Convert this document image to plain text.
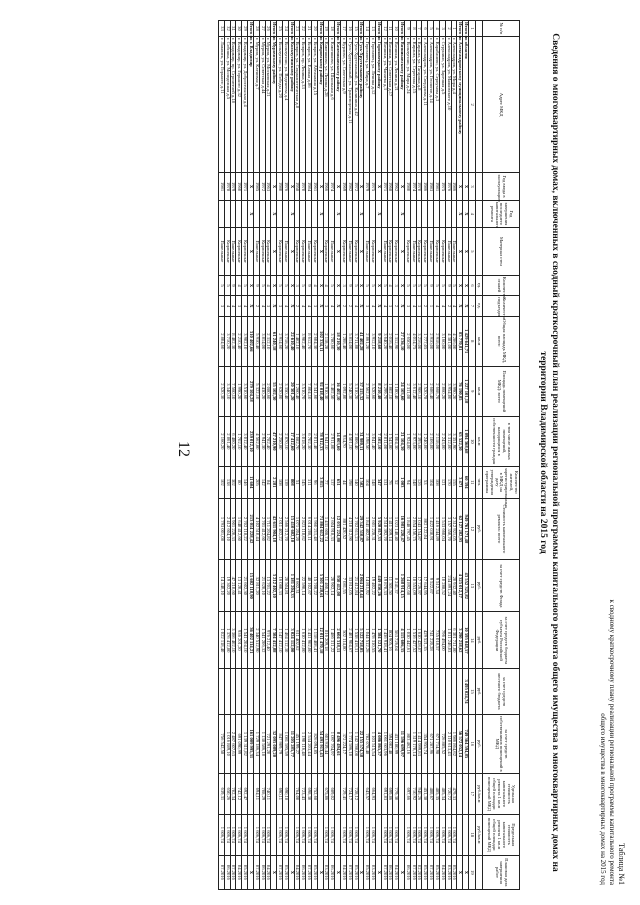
12
Таблица №1
к сводному краткосрочному плану реализации региональной программы капитального ремонта общего имущества в многоквартирных домах на 2015 год
Сведения о многоквартирных домах, включенных в сводный краткосрочный план реализации региональной программы капитального ремонта общего имущества в многоквартирных домах на территории Владимирской области на 2015 год
№ п/п	Адрес МКД	Год ввода в эксплуатацию	Год завершения последнего капитального ремонта	Материал стен	Количество этажей	Количество подъездов	Общая площадь МКД, всего	Площадь помещений МКД: всего	в том числе жилых помещений, находящихся в собственности граждан	Количество жителей, зарегистрированных в МКД на дату утверждения программы	Стоимость капитального ремонта: всего	за счет средств Фонда	за счет средств бюджета субъекта Российской Федерации	за счет средств местного бюджета	за счет средств собственников помещений в МКД	Удельная стоимость капитального ремонта 1 кв.м общей площади помещений МКД	Предельная стоимость капитального ремонта 1 кв.м общей площади помещений МКД	Плановая дата завершения работ
					ед.	ед.	кв.м	кв.м	кв.м	чел.	руб.	руб.	руб.	руб.	руб.	руб./кв.м	руб./кв.м	
1	2	3	4	5	6	7	8	9	10	11	12	13	14	15	16	17	18	19
Итого по области:		X	X	X	X	X	1 429 641,71	1 227 101,18	1 094 368,68	60 394	949 761 171,48	43 552 325,82	10 595 048,57	3 495 024,74	749 364 594,85			X
Итого по Александровскому муниципальному району		X	X	X	X	X	83 770,81	76 190,85	63 522,30	3 471	62 127 282,93	4 325 012,17	3 290 218,62		56 572 052,14			X
1	г. Александров, ул. Мира д.4	1986		Панельные	5	4	4 286,00	3 990,20	3 351,90	155	2 312 921,05	20 932,40	6 301 731,80		1 986 864,62	479,33	1 606,74	05.2016
2	г. Александров, ул. Маяковского д.10	1976		Панельные	9	2	4 381,00	3 954,00	3 312,00	170	3 157 350,70	234 891,24	1 811 246,03		2 110 613,43	720,72	1 606,74	03.2016
3	г. Струнино, ул. Заречная д.5	1975		Кирпичные	5	4	3 160,00	2 860,20	2 243,00	121	1 533 668,04	10 288,52	796 494,00		726 885,52	485,34	1 606,74	04.2016
4	г. Карабаново, ул. Серпухова д.3	1981		Кирпичные	5	4	2 918,00	2 668,70	2 118,00	108	1 416 244,89	9 512,34	735 018,57		671 714,98	485,35	1 606,74	05.2016
5	г. Александров, ул. Геологов д.14	1983		Панельные	9	1	2 910,00	2 686,40	2 106,00	104	1 422 030,91	9 522,67	741 220,28		671 287,96	488,67	1 606,74	07.2016
6	г. Александров, ул. Свердлова д.11	1986		Кирпичные	5	2	1 777,05	1 520,78	1 240,00	53	802 122,04	17 644,95	429 521,35		354 955,74	451,38	1 606,74	05.2016
7	г. Киржач, ул. Гагарина д.8	1970		Кирпичные	5	3	3 216,00	2 906,10	2 395,00	126	3 043 154,87	17 726,97	1 610 428,07		1 414 999,83	946,26	1 606,74	02.2016
8	г. Киржач, ул. Серегина д.15	1974		Панельные	5	4	4 014,75	3 612,40	2 973,00	148	2 854 150,75	18 553,09	1 516 427,52		1 319 170,14	710,92	1 606,74	07.2016
9	г. Кольчугино, ул. Мира д.24	1980		Кирпичные	5	3	2 650,00	2 311,00	1 924,00	94	1 848 797,45	14 892,68	1 030 442,61		803 462,16	697,66	1 606,74	06.2016
Итого по Вязниковскому району		X	X	X	X	X	27 136,10	24 103,60	21 104,30	1 003	16 981 220,47	1 268 914,15	4 115 606,35		11 596 699,97			X
10	г. Вязники, ул. Ленина д.21	1962		Кирпичные	3	2	1 312,90	1 180,40	1 004,30	52	1 023 148,40	8 241,37	583 726,04		431 180,99	779,30	1 606,74	04.2016
11	г. Вязники, ул. Советская д.17	1968		Кирпичные	4	3	2 016,40	1 802,10	1 543,80	76	1 411 209,14	11 301,50	804 905,16		594 002,48	699,86	1 606,74	06.2016
12	г. Вязники, ул. Чапаева д.3	1971		Панельные	5	4	3 640,20	3 299,70	2 811,00	131	2 518 392,70	19 870,33	1 436 918,41		1 061 603,96	691,83	1 606,74	07.2016
Итого по Гороховецкому району		X	X	X	X	X	9 218,60	8 210,40	7 102,10	347	5 920 817,33	449 830,26	1 384 121,70		4 086 865,37			X
13	г. Гороховец, ул. Ленина д.12	1975		Кирпичные	5	4	3 912,10	3 520,60	3 041,40	148	2 601 228,31	19 402,22	1 478 310,55		1 103 515,54	664,93	1 606,74	03.2016
14	г. Гороховец, ул. Мира д.7	1979		Панельные	5	3	2 861,20	2 562,10	2 198,50	104	1 841 402,66	14 811,92	1 044 512,26		782 078,48	643,57	1 606,74	05.2016
Итого по Гусь-Хрустальному району		X	X	X	X	X	41 402,28	37 115,32	31 980,11	1 502	29 342 510,87	2 064 218,44	5 122 718,05		22 155 574,38			X
15	г. Гусь-Хрустальный, ул. Калинина д.42	1972		Кирпичные	5	4	3 711,80	3 310,20	2 806,40	140	2 702 611,23	21 412,84	1 538 418,31		1 142 780,08	728,12	1 606,74	05.2016
16	г. Гусь-Хрустальный, ул. Транспортная д.11	1982		Панельные	9	2	5 814,00	5 240,30	4 501,10	198	4 210 312,90	33 812,05	2 401 904,67		1 774 596,18	724,17	1 606,74	07.2016
17	г. Курлово, ул. Советская д.9	1969		Кирпичные	3	2	1 208,40	1 092,80	934,70	44	881 420,52	7 081,55	502 114,80		372 224,17	729,41	1 606,74	04.2016
Итого по Камешковскому району		X	X	X	X	X	18 210,30	16 402,10	14 003,60	651	12 031 224,80	930 412,08	2 604 318,11		8 496 494,61			X
18	г. Камешково, ул. Школьная д.6	1974		Панельные	5	4	3 780,60	3 402,50	2 911,80	137	2 604 918,33	20 902,14	1 486 311,22		1 097 704,97	689,02	1 606,74	06.2016
19	г. Камешково, ул. Ленина д.28	1966		Кирпичные	4	3	2 118,20	1 910,30	1 641,10	77	1 431 608,74	11 460,12	816 209,18		603 939,44	675,86	1 606,74	03.2016
Итого по Ковровскому району		X	X	X	X	X	102 334,11	92 018,40	78 912,33	3 815	71 804 612,22	5 301 228,61	12 011 470,18		54 491 913,43			X
20	г. Ковров, ул. Абельмана д.15	1961		Кирпичные	4	3	2 604,30	2 341,60	2 011,40	96	1 960 211,48	15 708,22	1 118 408,41		826 094,85	752,68	1 606,74	05.2016
21	г. Ковров, ул. Еловая д.86	1984		Панельные	9	4	8 612,70	7 804,10	6 702,30	311	6 014 208,11	48 102,67	3 431 902,00		2 534 203,44	698,30	1 606,74	07.2016
22	г. Ковров, пр. Ленина д.33	1970		Кирпичные	5	4	3 902,40	3 510,70	3 018,20	145	2 823 118,62	22 590,14	1 610 412,00		1 190 116,48	723,43	1 606,74	06.2016
23	г. Ковров, ул. Социалистическая д.8	1958		Кирпичные	3	2	1 402,10	1 260,40	1 082,70	51	1 071 204,20	8 602,31	611 402,62		451 199,27	764,00	1 606,74	04.2016
Итого по Кольчугинскому району		X	X	X	X	X	22 610,40	20 301,20	17 412,60	808	15 410 602,10	1 181 204,33	3 024 112,00		11 205 285,77			X
24	г. Кольчугино, ул. Веденеева д.4	1976		Панельные	5	4	3 718,20	3 350,40	2 870,10	139	2 566 212,70	20 504,81	1 464 112,30		1 081 595,59	690,18	1 606,74	05.2016
25	г. Кольчугино, ул. Победы д.20	1980		Кирпичные	5	3	2 914,60	2 620,00	2 250,80	108	2 011 402,22	16 080,33	1 147 412,10		847 909,79	690,11	1 606,74	07.2016
Итого по Муромскому району		X	X	X	X	X	61 240,18	55 102,30	47 210,90	2 281	42 611 904,18	3 212 402,10	7 304 412,88		32 095 089,20			X
26	г. Муром, ул. Московская д.21	1963		Кирпичные	4	3	2 312,10	2 080,60	1 782,40	84	1 711 204,82	13 701,22	976 212,40		721 291,20	740,11	1 606,74	04.2016
27	г. Муром, ул. Советская д.44	1972		Кирпичные	5	4	3 814,00	3 430,20	2 941,30	142	2 701 412,60	21 620,10	1 541 206,32		1 138 586,18	708,29	1 606,74	06.2016
28	г. Муром, ул. Кленовая д.7	1985		Панельные	9	2	5 910,40	5 322,10	4 562,80	205	4 102 510,44	32 811,20	2 340 512,90		1 729 186,34	694,11	1 606,74	07.2016
Итого по г. Владимир		X	X	X	X	X	310 402,66	279 104,28	239 012,10	11 604	213 014 228,42	15 602 118,90	36 402 114,21		161 009 995,31			X
29	г. Владимир, ул. Добросельская д.4	1971		Кирпичные	5	4	3 902,10	3 510,60	3 012,40	146	2 702 118,22	21 602,30	1 541 204,10		1 139 311,82	692,47	1 606,74	05.2016
30	г. Владимир, ул. Горького д.32	1960		Кирпичные	4	3	2 210,40	1 990,20	1 702,10	80	1 640 412,60	13 120,41	936 201,20		691 090,99	742,12	1 606,74	04.2016
31	г. Владимир, пр. Строителей д.18	1979		Панельные	9	4	8 402,30	7 560,10	6 480,20	302	5 901 220,33	47 210,60	3 366 402,10		2 487 607,63	702,34	1 606,74	07.2016
32	г. Собинка, ул. Молодежная д.5	1978		Кирпичные	5	4	3 710,20	3 340,10	2 861,40	138	2 412 604,10	19 302,20	1 376 412,80		1 016 889,10	650,26	1 606,74	06.2016
33	г. Лакинск, ул. Горького д.11	1981		Панельные	5	3	2 804,60	2 520,30	2 160,20	102	1 793 001,08	14 340,10	1 022 118,40		756 542,58	639,31	1 606,74	07.2016
